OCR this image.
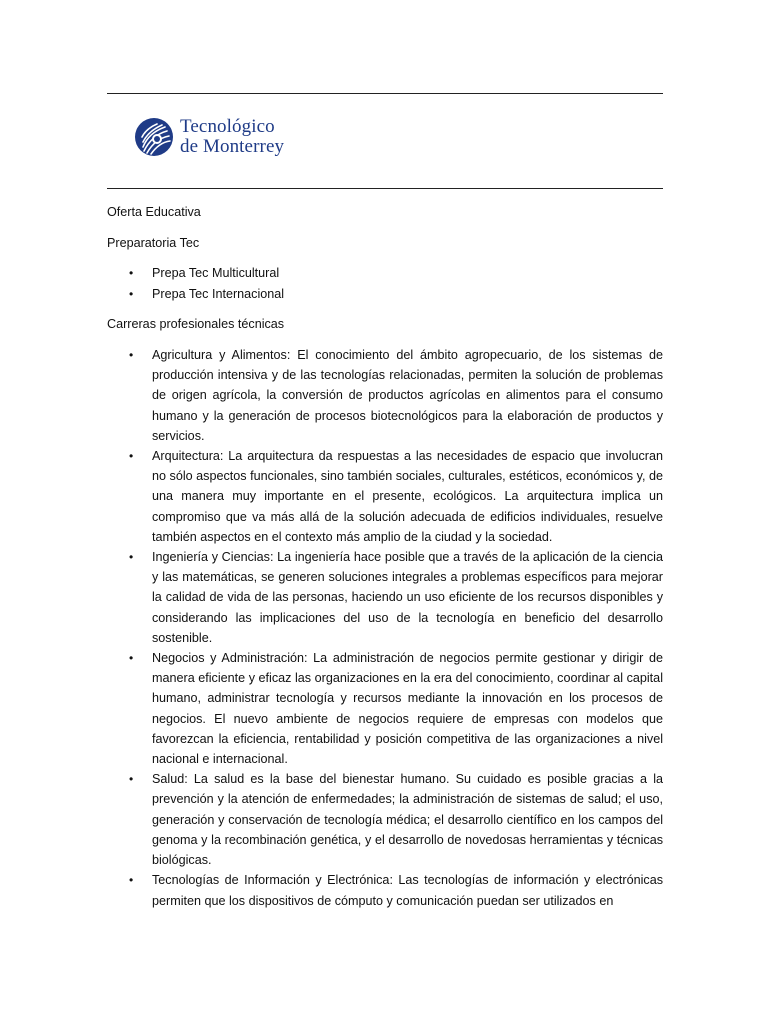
Tecnológico
de Monterrey

Oferta Educativa

Preparatoria Tec

• Prepa Tec Multicultural
• Prepa Tec Internacional

Carreras profesionales técnicas

• Agricultura y Alimentos: El conocimiento del ámbito agropecuario, de los sistemas de producción intensiva y de las tecnologías relacionadas, permiten la solución de problemas de origen agrícola, la conversión de productos agrícolas en alimentos para el consumo humano y la generación de procesos biotecnológicos para la elaboración de productos y servicios.
• Arquitectura: La arquitectura da respuestas a las necesidades de espacio que involucran no sólo aspectos funcionales, sino también sociales, culturales, estéticos, económicos y, de una manera muy importante en el presente, ecológicos. La arquitectura implica un compromiso que va más allá de la solución adecuada de edificios individuales, resuelve también aspectos en el contexto más amplio de la ciudad y la sociedad.
• Ingeniería y Ciencias: La ingeniería hace posible que a través de la aplicación de la ciencia y las matemáticas, se generen soluciones integrales a problemas específicos para mejorar la calidad de vida de las personas, haciendo un uso eficiente de los recursos disponibles y considerando las implicaciones del uso de la tecnología en beneficio del desarrollo sostenible.
• Negocios y Administración: La administración de negocios permite gestionar y dirigir de manera eficiente y eficaz las organizaciones en la era del conocimiento, coordinar al capital humano, administrar tecnología y recursos mediante la innovación en los procesos de negocios. El nuevo ambiente de negocios requiere de empresas con modelos que favorezcan la eficiencia, rentabilidad y posición competitiva de las organizaciones a nivel nacional e internacional.
• Salud: La salud es la base del bienestar humano. Su cuidado es posible gracias a la prevención y la atención de enfermedades; la administración de sistemas de salud; el uso, generación y conservación de tecnología médica; el desarrollo científico en los campos del genoma y la recombinación genética, y el desarrollo de novedosas herramientas y técnicas biológicas.
• Tecnologías de Información y Electrónica: Las tecnologías de información y electrónicas permiten que los dispositivos de cómputo y comunicación puedan ser utilizados en
